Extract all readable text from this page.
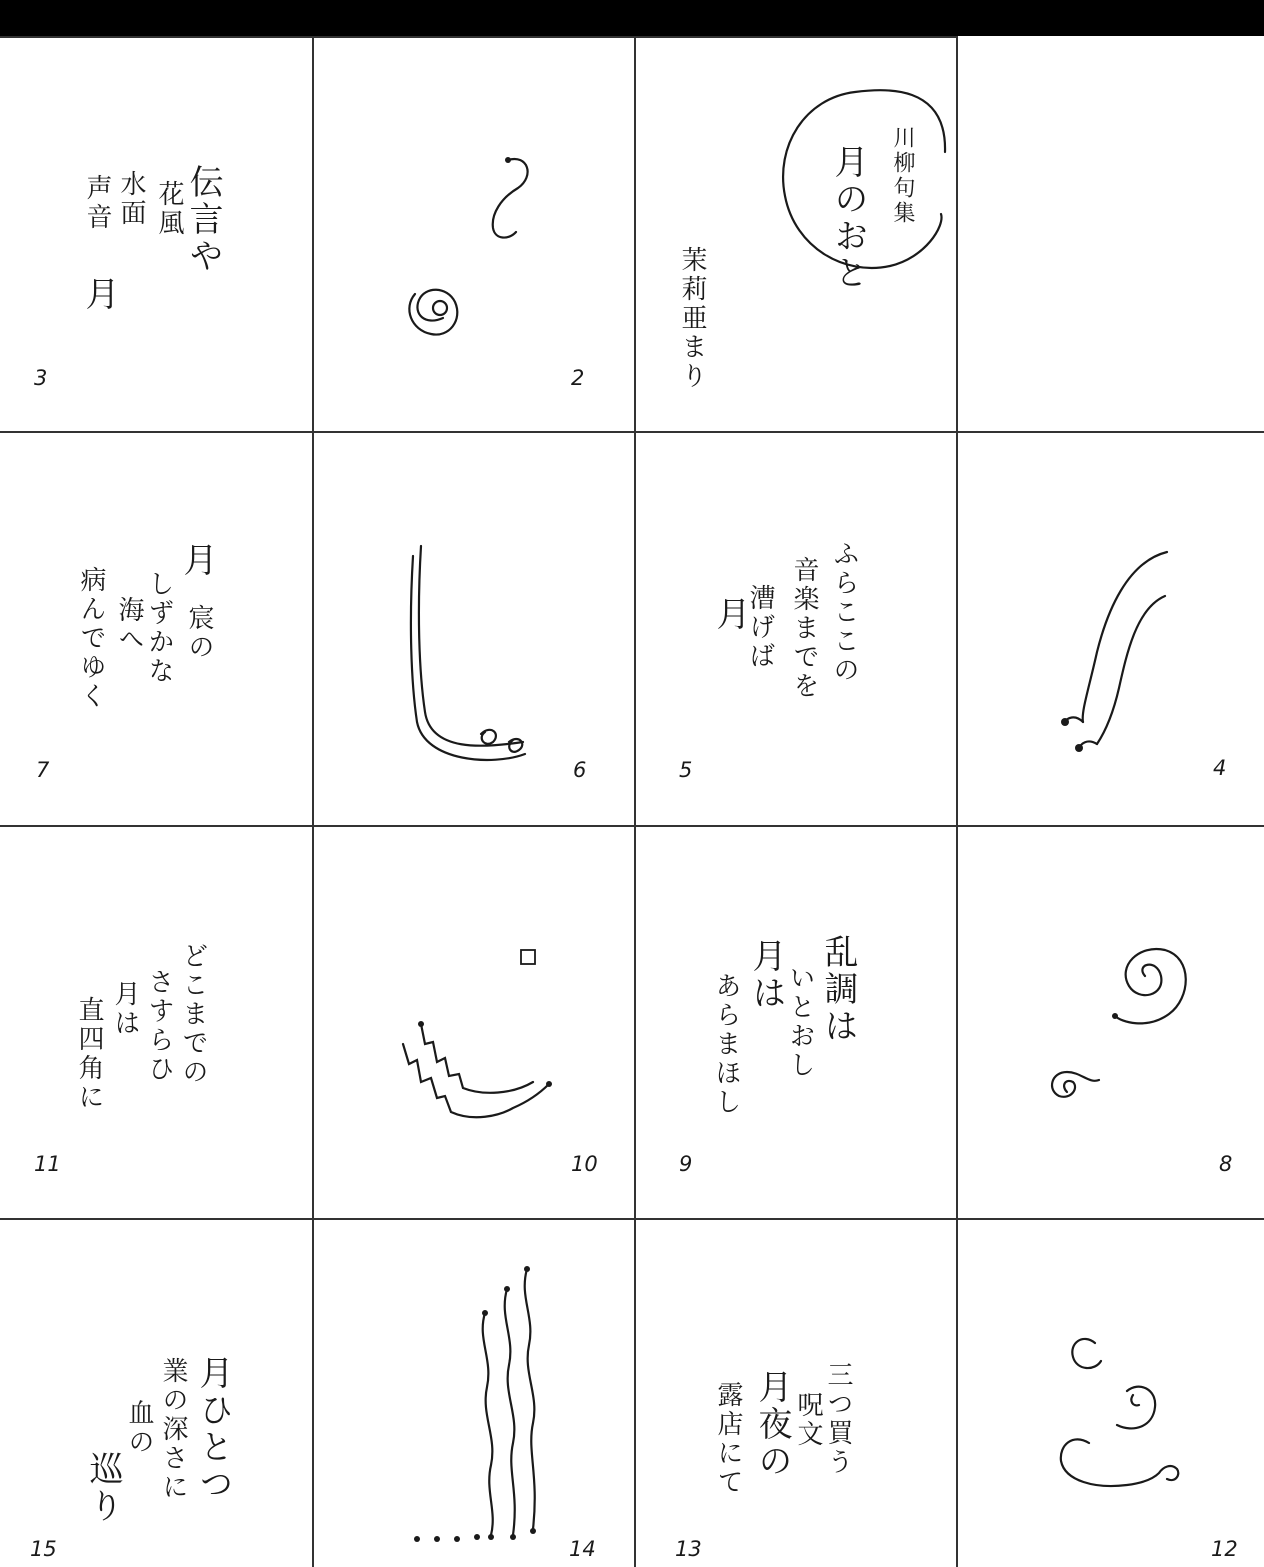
伝言や
花風
水面
声音
月
3	2
川柳句集
月のおと
茉莉亜まり
月
宸の
しずかな
海へ
病んでゆく
7	6
ふらここの
音楽までを
漕げば
月
5	4
どこまでの
さすらひ
月は
直四角に
11	10
乱調は
いとおし
月は
あらまほし
9	8
月ひとつ
業の深さに
血の
巡り
15	14
三つ買う
呪文
月夜の
露店にて
13	12
